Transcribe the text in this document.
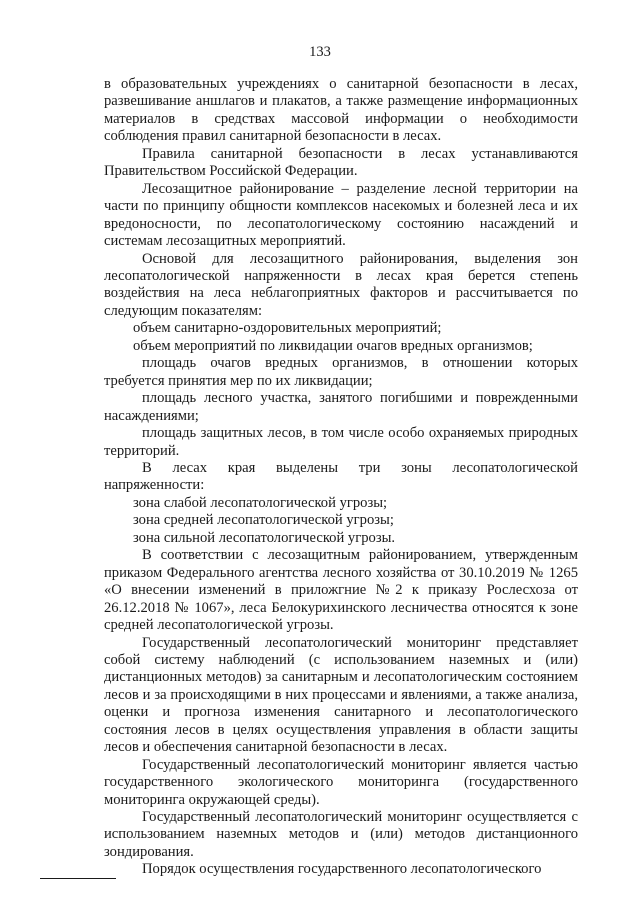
133

в образовательных учреждениях о санитарной безопасности в лесах, развешивание аншлагов и плакатов, а также размещение информационных материалов в средствах массовой информации о необходимости соблюдения правил санитарной безопасности в лесах.

Правила санитарной безопасности в лесах устанавливаются Правительством Российской Федерации.

Лесозащитное районирование – разделение лесной территории на части по принципу общности комплексов насекомых и болезней леса и их вредоносности, по лесопатологическому состоянию насаждений и системам лесозащитных мероприятий.

Основой для лесозащитного районирования, выделения зон лесопатологической напряженности в лесах края берется степень воздействия на леса неблагоприятных факторов и рассчитывается по следующим показателям:

объем санитарно-оздоровительных мероприятий;

объем мероприятий по ликвидации очагов вредных организмов;

площадь очагов вредных организмов, в отношении которых требуется принятия мер по их ликвидации;

площадь лесного участка, занятого погибшими и поврежденными насаждениями;

площадь защитных лесов, в том числе особо охраняемых природных территорий.

В лесах края выделены три зоны лесопатологической напряженности:

зона слабой лесопатологической угрозы;

зона средней лесопатологической угрозы;

зона сильной лесопатологической угрозы.

В соответствии с лесозащитным районированием, утвержденным приказом Федерального агентства лесного хозяйства от 30.10.2019 № 1265 «О внесении изменений в приложгние №2 к приказу Рослесхоза от 26.12.2018 № 1067», леса Белокурихинского лесничества относятся к зоне средней лесопатологической угрозы.

Государственный лесопатологический мониторинг представляет собой систему наблюдений (с использованием наземных и (или) дистанционных методов) за санитарным и лесопатологическим состоянием лесов и за происходящими в них процессами и явлениями, а также анализа, оценки и прогноза изменения санитарного и лесопатологического состояния лесов в целях осуществления управления в области защиты лесов и обеспечения санитарной безопасности в лесах.

Государственный лесопатологический мониторинг является частью государственного экологического мониторинга (государственного мониторинга окружающей среды).

Государственный лесопатологический мониторинг осуществляется с использованием наземных методов и (или) методов дистанционного зондирования.

Порядок осуществления государственного лесопатологического
